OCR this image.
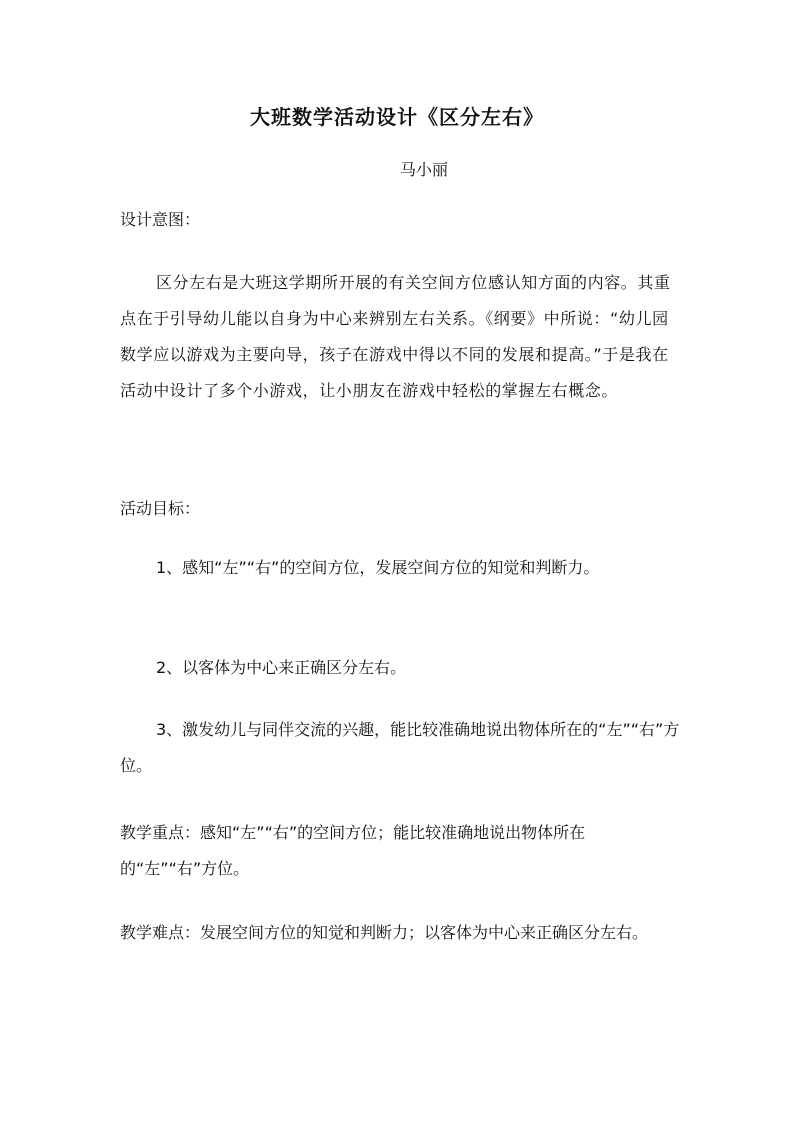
大班数学活动设计《区分左右》
马小丽

设计意图：

区分左右是大班这学期所开展的有关空间方位感认知方面的内容。其重点在于引导幼儿能以自身为中心来辨别左右关系。《纲要》中所说：“幼儿园数学应以游戏为主要向导，孩子在游戏中得以不同的发展和提高。”于是我在活动中设计了多个小游戏，让小朋友在游戏中轻松的掌握左右概念。

活动目标：

1、感知“左”“右”的空间方位，发展空间方位的知觉和判断力。

2、以客体为中心来正确区分左右。

3、激发幼儿与同伴交流的兴趣，能比较准确地说出物体所在的“左”“右”方位。

教学重点：感知“左”“右”的空间方位；能比较准确地说出物体所在的“左”“右”方位。

教学难点：发展空间方位的知觉和判断力；以客体为中心来正确区分左右。
